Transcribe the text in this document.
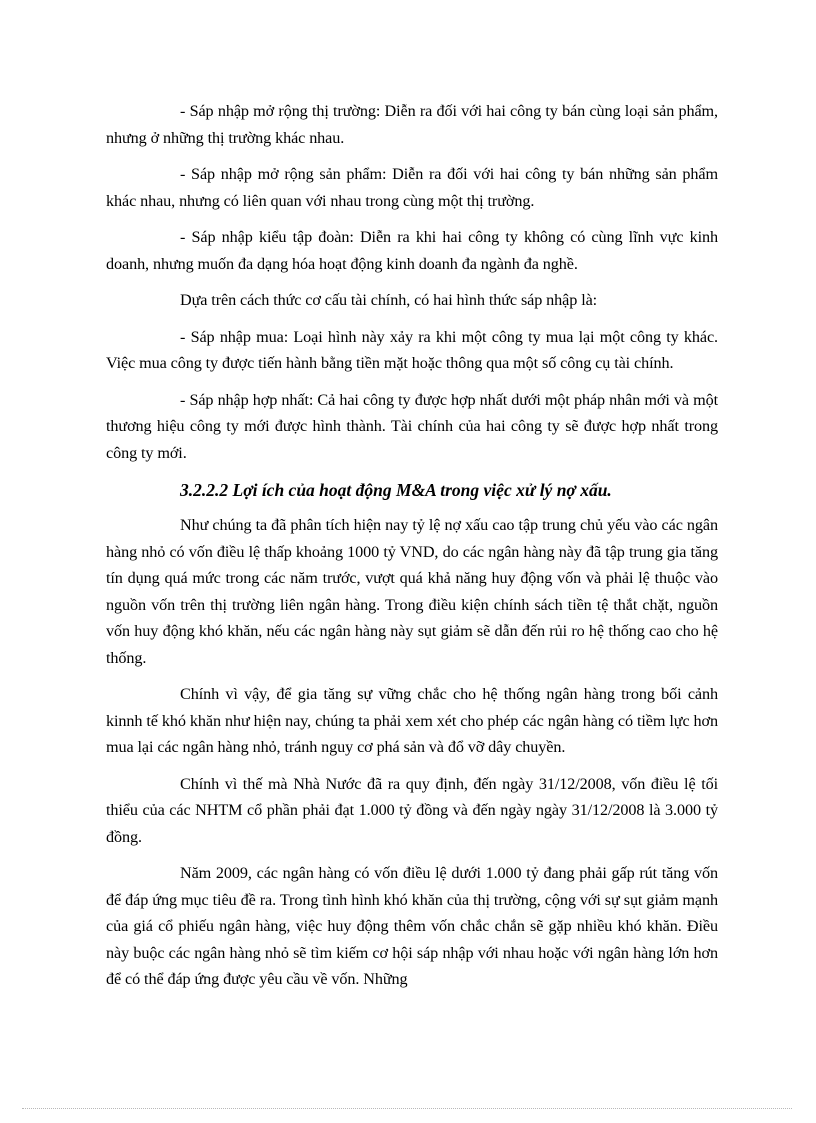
- Sáp nhập mở rộng thị trường: Diễn ra đối với hai công ty bán cùng loại sản phẩm, nhưng ở những thị trường khác nhau.

- Sáp nhập mở rộng sản phẩm: Diễn ra đối với hai công ty bán những sản phẩm khác nhau, nhưng có liên quan với nhau trong cùng một thị trường.

- Sáp nhập kiểu tập đoàn: Diễn ra khi hai công ty không có cùng lĩnh vực kinh doanh, nhưng muốn đa dạng hóa hoạt động kinh doanh đa ngành đa nghề.

Dựa trên cách thức cơ cấu tài chính, có hai hình thức sáp nhập là:

- Sáp nhập mua: Loại hình này xảy ra khi một công ty mua lại một công ty khác. Việc mua công ty được tiến hành bằng tiền mặt hoặc thông qua một số công cụ tài chính.

- Sáp nhập hợp nhất: Cả hai công ty được hợp nhất dưới một pháp nhân mới và một thương hiệu công ty mới được hình thành. Tài chính của hai công ty sẽ được hợp nhất trong công ty mới.

3.2.2.2 Lợi ích của hoạt động M&A trong việc xử lý nợ xấu.

Như chúng ta đã phân tích hiện nay tỷ lệ nợ xấu cao tập trung chủ yếu vào các ngân hàng nhỏ có vốn điều lệ thấp khoảng 1000 tỷ VND, do các ngân hàng này đã tập trung gia tăng tín dụng quá mức trong các năm trước, vượt quá khả năng huy động vốn và phải lệ thuộc vào nguồn vốn trên thị trường liên ngân hàng. Trong điều kiện chính sách tiền tệ thắt chặt, nguồn vốn huy động khó khăn, nếu các ngân hàng này sụt giảm sẽ dẫn đến rủi ro hệ thống cao cho hệ thống.

Chính vì vậy, để gia tăng sự vững chắc cho hệ thống ngân hàng trong bối cảnh kinnh tế khó khăn như hiện nay, chúng ta phải xem xét cho phép các ngân hàng có tiềm lực hơn mua lại các ngân hàng nhỏ, tránh nguy cơ phá sản và đổ vỡ dây chuyền.

Chính vì thế mà Nhà Nước đã ra quy định, đến ngày 31/12/2008, vốn điều lệ tối thiểu của các NHTM cổ phần phải đạt 1.000 tỷ đồng và đến ngày ngày 31/12/2008 là 3.000 tỷ đồng.

Năm 2009, các ngân hàng có vốn điều lệ dưới 1.000 tỷ đang phải gấp rút tăng vốn để đáp ứng mục tiêu đề ra. Trong tình hình khó khăn của thị trường, cộng với sự sụt giảm mạnh của giá cổ phiếu ngân hàng, việc huy động thêm vốn chắc chắn sẽ gặp nhiều khó khăn. Điều này buộc các ngân hàng nhỏ sẽ tìm kiếm cơ hội sáp nhập với nhau hoặc với ngân hàng lớn hơn để có thể đáp ứng được yêu cầu về vốn. Những
